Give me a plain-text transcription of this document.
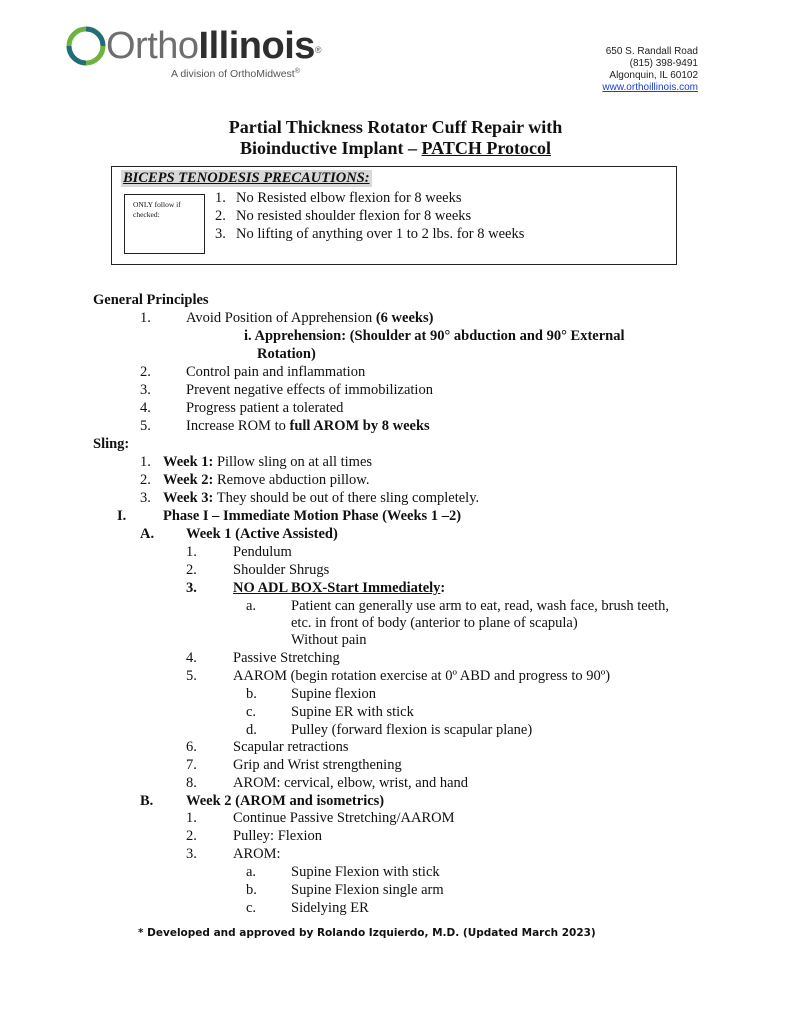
OrthoIllinois®
A division of OrthoMidwest®
650 S. Randall Road
(815) 398-9491
Algonquin, IL 60102
www.orthoillinois.com
Partial Thickness Rotator Cuff Repair with
Bioinductive Implant – PATCH Protocol
BICEPS TENODESIS PRECAUTIONS:
ONLY follow if checked:
1. No Resisted elbow flexion for 8 weeks
2. No resisted shoulder flexion for 8 weeks
3. No lifting of anything over 1 to 2 lbs. for 8 weeks
General Principles
1. Avoid Position of Apprehension (6 weeks)
i. Apprehension: (Shoulder at 90° abduction and 90° External
Rotation)
2. Control pain and inflammation
3. Prevent negative effects of immobilization
4. Progress patient a tolerated
5. Increase ROM to full AROM by 8 weeks
Sling:
1. Week 1: Pillow sling on at all times
2. Week 2: Remove abduction pillow.
3. Week 3: They should be out of there sling completely.
I.	Phase I – Immediate Motion Phase (Weeks 1 –2)
A. Week 1 (Active Assisted)
1. Pendulum
2. Shoulder Shrugs
3. NO ADL BOX-Start Immediately:
a. Patient can generally use arm to eat, read, wash face, brush teeth,
etc. in front of body (anterior to plane of scapula)
Without pain
4. Passive Stretching
5. AAROM (begin rotation exercise at 0º ABD and progress to 90º)
b. Supine flexion
c. Supine ER with stick
d. Pulley (forward flexion is scapular plane)
6. Scapular retractions
7. Grip and Wrist strengthening
8. AROM: cervical, elbow, wrist, and hand
B. Week 2 (AROM and isometrics)
1. Continue Passive Stretching/AAROM
2. Pulley: Flexion
3. AROM:
a. Supine Flexion with stick
b. Supine Flexion single arm
c. Sidelying ER
* Developed and approved by Rolando Izquierdo, M.D. (Updated March 2023)
